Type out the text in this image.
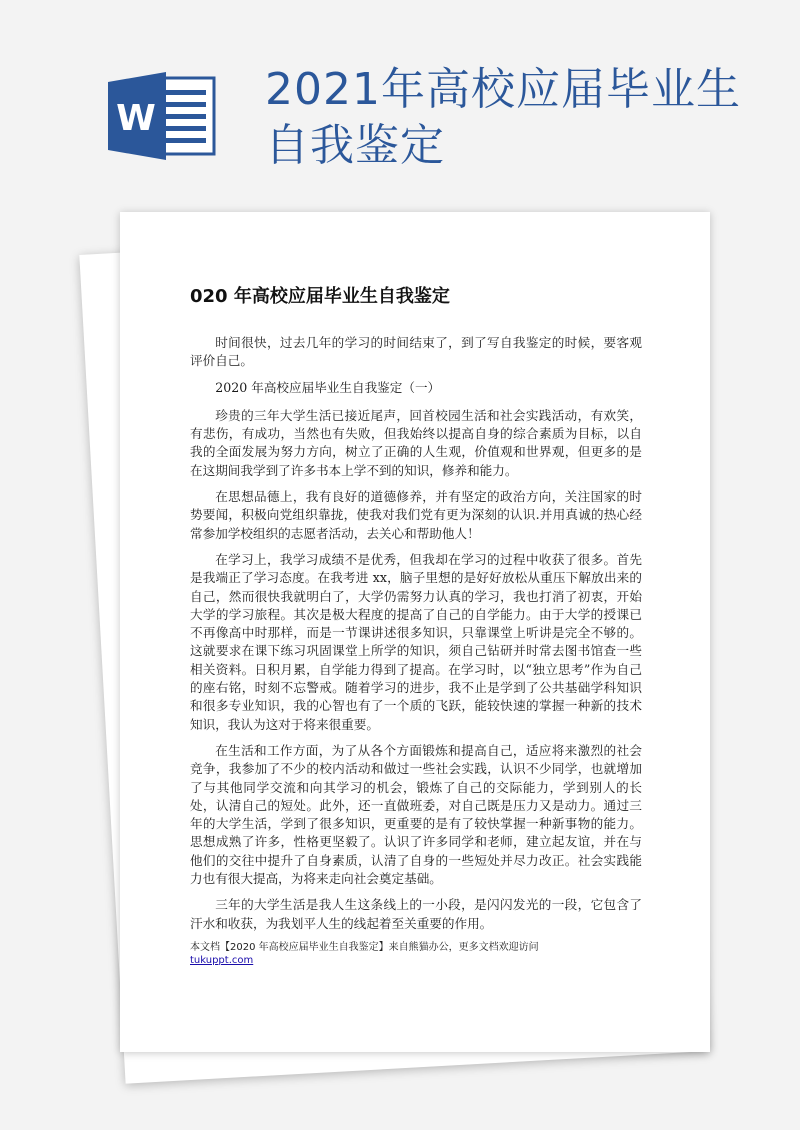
W
2021年高校应届毕业生自我鉴定
020 年高校应届毕业生自我鉴定

时间很快，过去几年的学习的时间结束了，到了写自我鉴定的时候，要客观评价自己。

2020 年高校应届毕业生自我鉴定（一）

珍贵的三年大学生活已接近尾声，回首校园生活和社会实践活动，有欢笑，有悲伤，有成功，当然也有失败，但我始终以提高自身的综合素质为目标，以自我的全面发展为努力方向，树立了正确的人生观，价值观和世界观，但更多的是在这期间我学到了许多书本上学不到的知识，修养和能力。

在思想品德上，我有良好的道德修养，并有坚定的政治方向，关注国家的时势要闻，积极向党组织靠拢，使我对我们党有更为深刻的认识.并用真诚的热心经常参加学校组织的志愿者活动，去关心和帮助他人！

在学习上，我学习成绩不是优秀，但我却在学习的过程中收获了很多。首先是我端正了学习态度。在我考进 xx，脑子里想的是好好放松从重压下解放出来的自己，然而很快我就明白了，大学仍需努力认真的学习，我也打消了初衷，开始大学的学习旅程。其次是极大程度的提高了自己的自学能力。由于大学的授课已不再像高中时那样，而是一节课讲述很多知识，只靠课堂上听讲是完全不够的。这就要求在课下练习巩固课堂上所学的知识，须自己钻研并时常去图书馆查一些相关资料。日积月累，自学能力得到了提高。在学习时，以“独立思考”作为自己的座右铭，时刻不忘警戒。随着学习的进步，我不止是学到了公共基础学科知识和很多专业知识，我的心智也有了一个质的飞跃，能较快速的掌握一种新的技术知识，我认为这对于将来很重要。

在生活和工作方面，为了从各个方面锻炼和提高自己，适应将来激烈的社会竞争，我参加了不少的校内活动和做过一些社会实践，认识不少同学，也就增加了与其他同学交流和向其学习的机会，锻炼了自己的交际能力，学到别人的长处，认清自己的短处。此外，还一直做班委，对自己既是压力又是动力。通过三年的大学生活，学到了很多知识，更重要的是有了较快掌握一种新事物的能力。思想成熟了许多，性格更坚毅了。认识了许多同学和老师，建立起友谊，并在与他们的交往中提升了自身素质，认清了自身的一些短处并尽力改正。社会实践能力也有很大提高，为将来走向社会奠定基础。

三年的大学生活是我人生这条线上的一小段，是闪闪发光的一段，它包含了汗水和收获，为我划平人生的线起着至关重要的作用。

本文档【2020 年高校应届毕业生自我鉴定】来自熊猫办公，更多文档欢迎访问
tukuppt.com
